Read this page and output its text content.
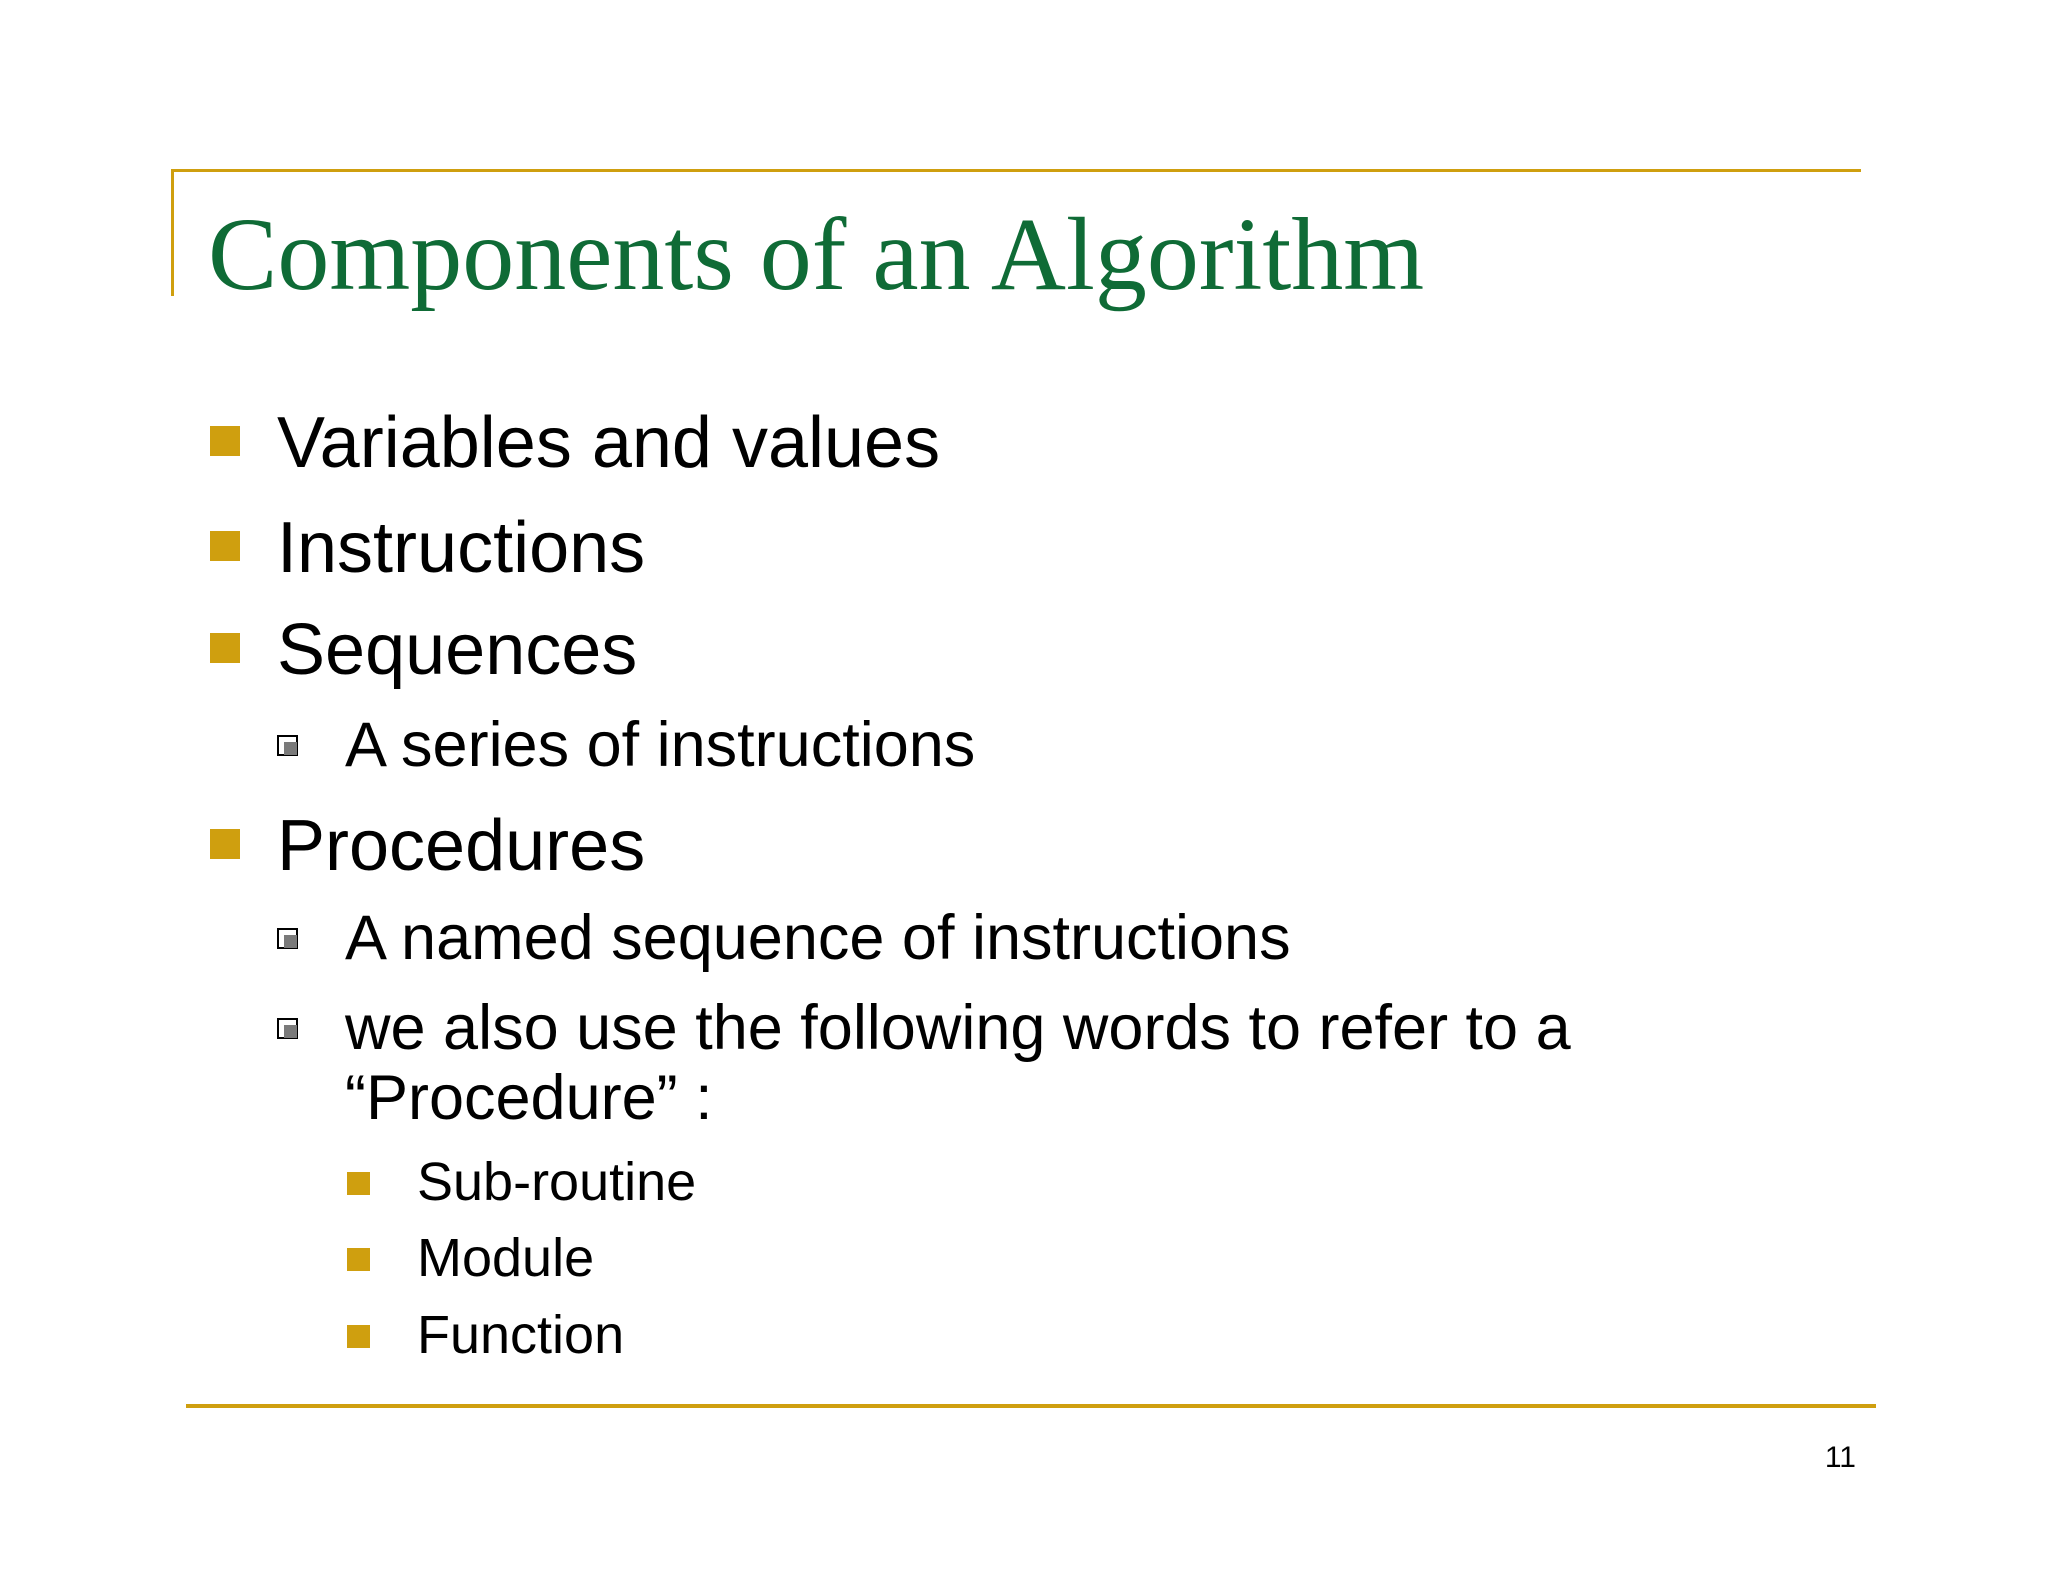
Components of an Algorithm
Variables and values
Instructions
Sequences
A series of instructions
Procedures
A named sequence of instructions
we also use the following words to refer to a “Procedure” :
Sub-routine
Module
Function
11
